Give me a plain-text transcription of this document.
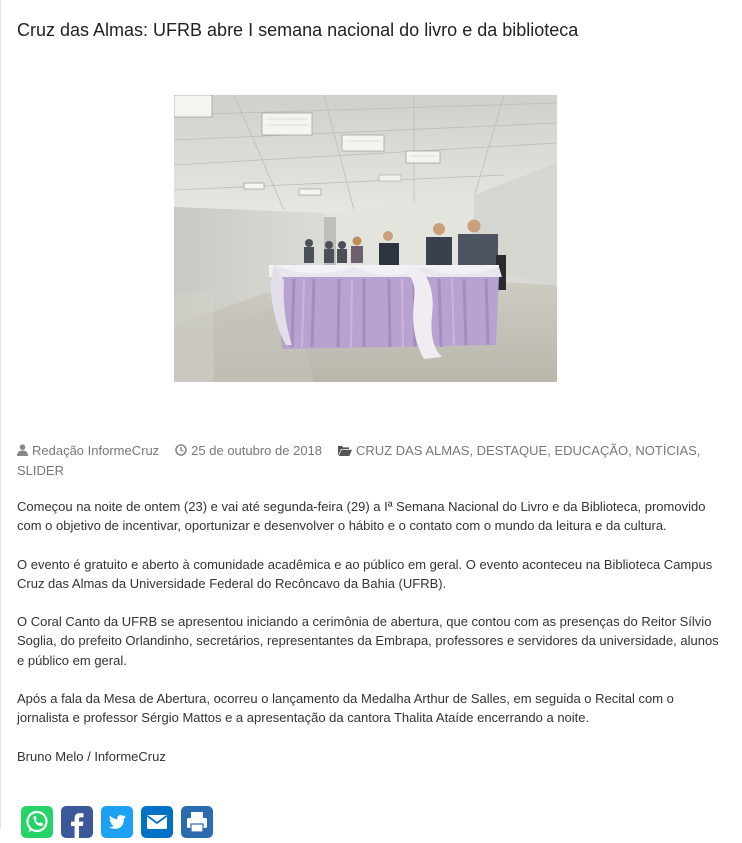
Cruz das Almas: UFRB abre I semana nacional do livro e da biblioteca
Redação InformeCruz 25 de outubro de 2018	CRUZ DAS ALMAS, DESTAQUE, EDUCAÇÃO, NOTÍCIAS, SLIDER

Começou na noite de ontem (23) e vai até segunda-feira (29) a Iª Semana Nacional do Livro e da Biblioteca, promovido com o objetivo de incentivar, oportunizar e desenvolver o hábito e o contato com o mundo da leitura e da cultura.

O evento é gratuito e aberto à comunidade acadêmica e ao público em geral. O evento aconteceu na Biblioteca Campus Cruz das Almas da Universidade Federal do Recôncavo da Bahia (UFRB).

O Coral Canto da UFRB se apresentou iniciando a cerimônia de abertura, que contou com as presenças do Reitor Sílvio Soglia, do prefeito Orlandinho, secretários, representantes da Embrapa, professores e servidores da universidade, alunos e público em geral.

Após a fala da Mesa de Abertura, ocorreu o lançamento da Medalha Arthur de Salles, em seguida o Recital com o jornalista e professor Sérgio Mattos e a apresentação da cantora Thalita Ataíde encerrando a noite.

Bruno Melo / InformeCruz
